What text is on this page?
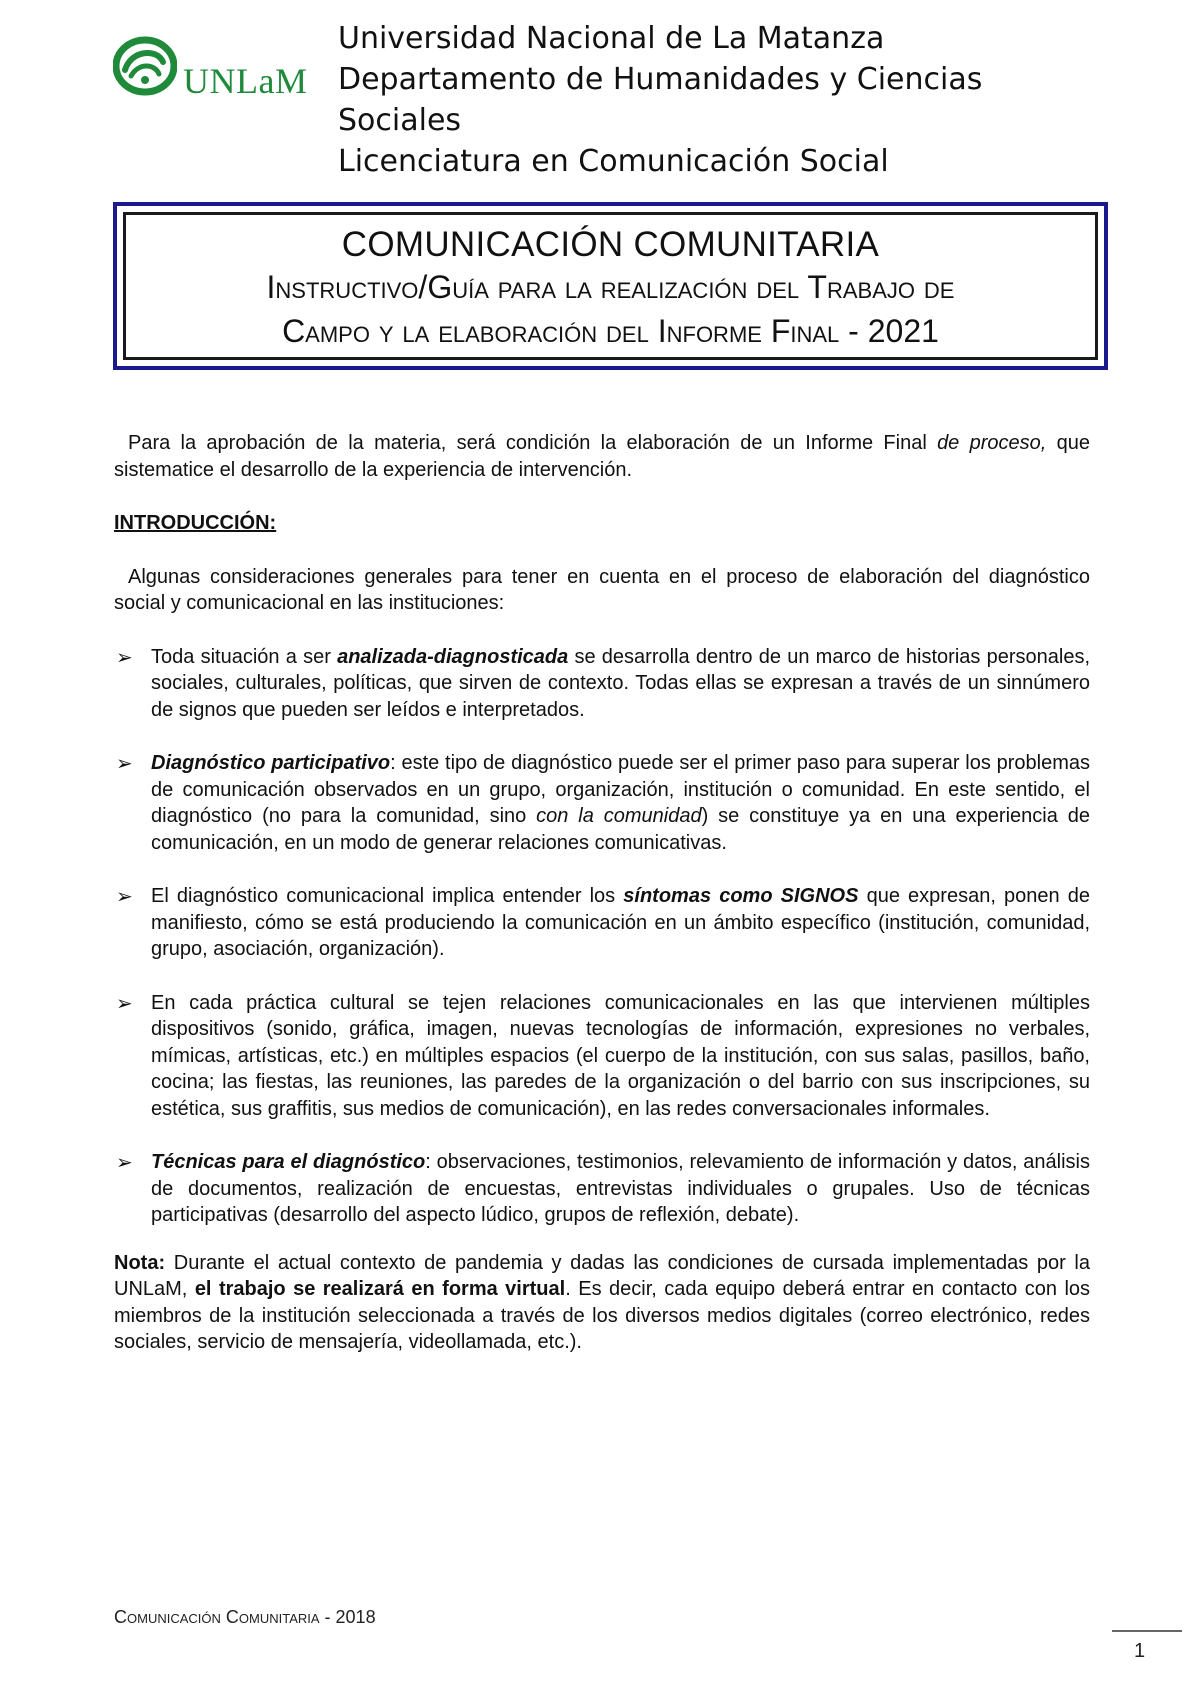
UNLaM
Universidad Nacional de La Matanza
Departamento de Humanidades y Ciencias
Sociales
Licenciatura en Comunicación Social
COMUNICACIÓN COMUNITARIA
Instructivo/Guía para la realización del Trabajo de
Campo y la elaboración del Informe Final - 2021

Para la aprobación de la materia, será condición la elaboración de un Informe Final de proceso, que sistematice el desarrollo de la experiencia de intervención.

INTRODUCCIÓN:

Algunas consideraciones generales para tener en cuenta en el proceso de elaboración del diagnóstico social y comunicacional en las instituciones:

➢ Toda situación a ser analizada-diagnosticada se desarrolla dentro de un marco de historias personales, sociales, culturales, políticas, que sirven de contexto. Todas ellas se expresan a través de un sinnúmero de signos que pueden ser leídos e interpretados.
➢ Diagnóstico participativo: este tipo de diagnóstico puede ser el primer paso para superar los problemas de comunicación observados en un grupo, organización, institución o comunidad. En este sentido, el diagnóstico (no para la comunidad, sino con la comunidad) se constituye ya en una experiencia de comunicación, en un modo de generar relaciones comunicativas.
➢ El diagnóstico comunicacional implica entender los síntomas como SIGNOS que expresan, ponen de manifiesto, cómo se está produciendo la comunicación en un ámbito específico (institución, comunidad, grupo, asociación, organización).
➢ En cada práctica cultural se tejen relaciones comunicacionales en las que intervienen múltiples dispositivos (sonido, gráfica, imagen, nuevas tecnologías de información, expresiones no verbales, mímicas, artísticas, etc.) en múltiples espacios (el cuerpo de la institución, con sus salas, pasillos, baño, cocina; las fiestas, las reuniones, las paredes de la organización o del barrio con sus inscripciones, su estética, sus graffitis, sus medios de comunicación), en las redes conversacionales informales.
➢ Técnicas para el diagnóstico: observaciones, testimonios, relevamiento de información y datos, análisis de documentos, realización de encuestas, entrevistas individuales o grupales. Uso de técnicas participativas (desarrollo del aspecto lúdico, grupos de reflexión, debate).

Nota: Durante el actual contexto de pandemia y dadas las condiciones de cursada implementadas por la UNLaM, el trabajo se realizará en forma virtual. Es decir, cada equipo deberá entrar en contacto con los miembros de la institución seleccionada a través de los diversos medios digitales (correo electrónico, redes sociales, servicio de mensajería, videollamada, etc.).

Comunicación Comunitaria - 2018
1
